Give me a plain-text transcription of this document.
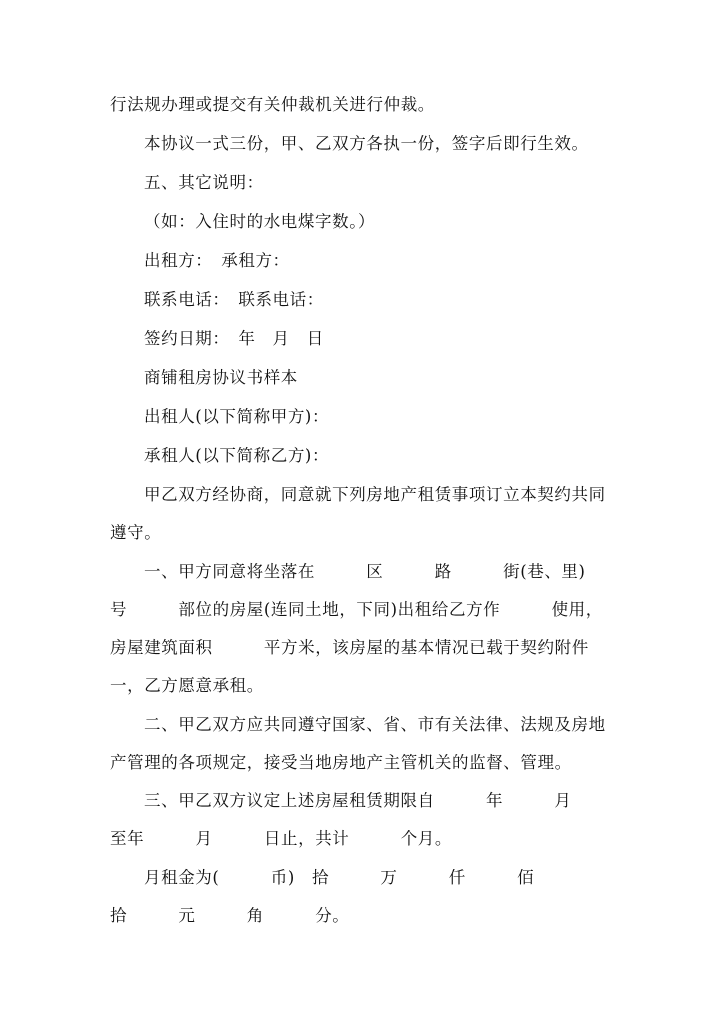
行法规办理或提交有关仲裁机关进行仲裁。
本协议一式三份，甲、乙双方各执一份，签字后即行生效。
五、其它说明：
（如：入住时的水电煤字数。）
出租方：　承租方：
联系电话：　联系电话：
签约日期：　年　月　日
商铺租房协议书样本
出租人(以下简称甲方)：
承租人(以下简称乙方)：
甲乙双方经协商，同意就下列房地产租赁事项订立本契约共同
遵守。
一、甲方同意将坐落在　　　区　　　路　　　街(巷、里)
号　　　部位的房屋(连同土地，下同)出租给乙方作　　　使用，
房屋建筑面积　　　平方米，该房屋的基本情况已载于契约附件
一，乙方愿意承租。
二、甲乙双方应共同遵守国家、省、市有关法律、法规及房地
产管理的各项规定，接受当地房地产主管机关的监督、管理。
三、甲乙双方议定上述房屋租赁期限自　　　年　　　月
至年　　　月　　　日止，共计　　　个月。
月租金为(　　　币)　拾　　　万　　　仟　　　佰
拾　　　元　　　角　　　分。
